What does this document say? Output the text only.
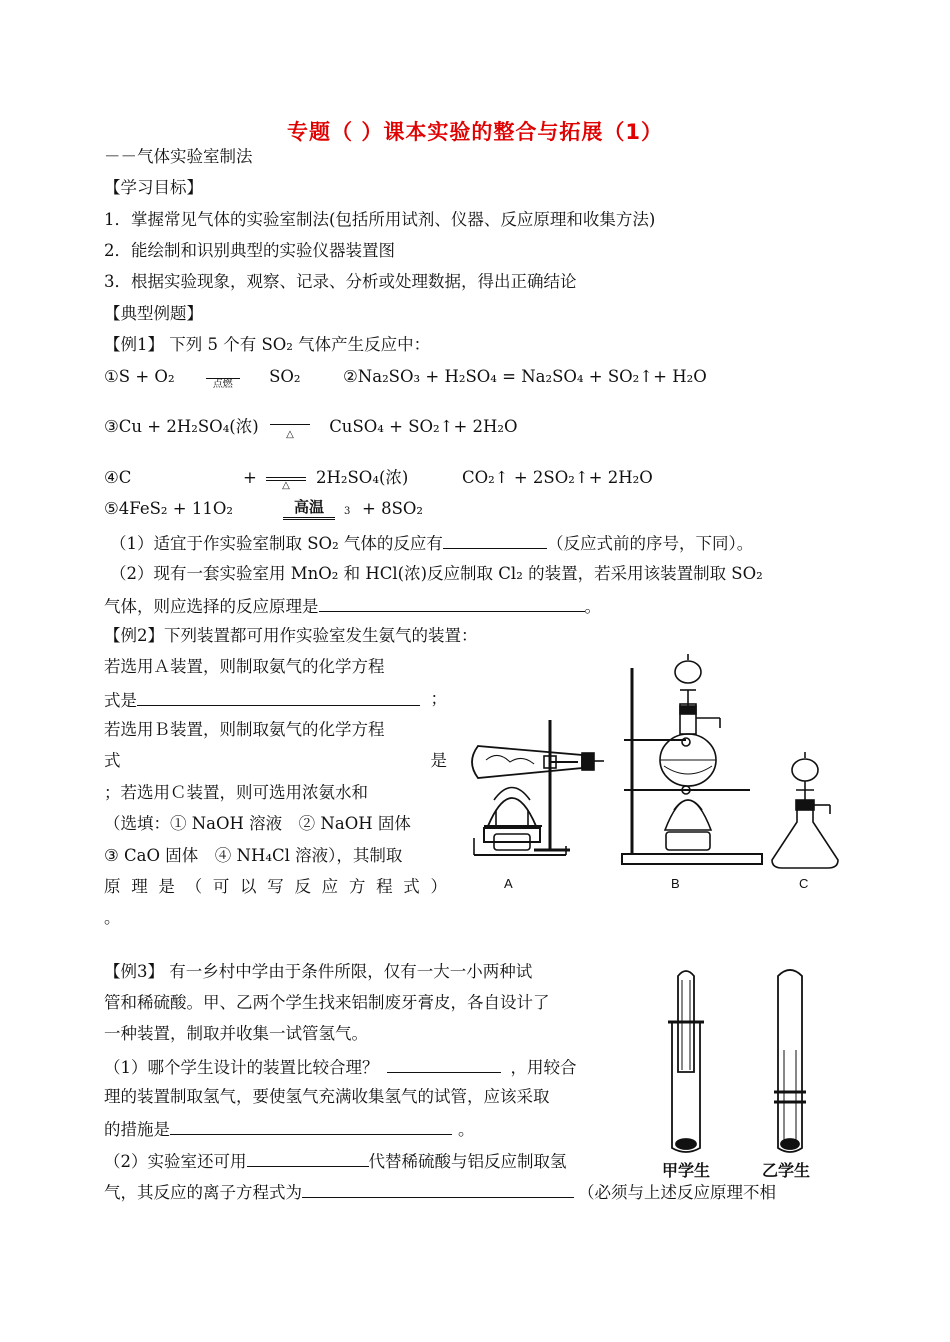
专题（ ）课本实验的整合与拓展（1）
－－气体实验室制法
【学习目标】
1．掌握常见气体的实验室制法(包括所用试剂、仪器、反应原理和收集方法)
2．能绘制和识别典型的实验仪器装置图
3．根据实验现象，观察、记录、分析或处理数据，得出正确结论
【典型例题】
【例1】 下列 5 个有 SO₂ 气体产生反应中：
①S + O₂	点燃	SO₂	②Na₂SO₃ + H₂SO₄ = Na₂SO₄ + SO₂↑+ H₂O
③Cu + 2H₂SO₄(浓)	△	CuSO₄ + SO₂↑+ 2H₂O
④C	+	△	2H₂SO₄(浓)	CO₂↑ + 2SO₂↑+ 2H₂O
⑤4FeS₂ + 11O₂	高温	3 + 8SO₂
（1）适宜于作实验室制取 SO₂ 气体的反应有	（反应式前的序号，下同）。
（2）现有一套实验室用 MnO₂ 和 HCl(浓)反应制取 Cl₂ 的装置，若采用该装置制取 SO₂
气体，则应选择的反应原理是	。
【例2】下列装置都可用作实验室发生氨气的装置：
若选用Ａ装置，则制取氨气的化学方程
式是	；
若选用Ｂ装置，则制取氨气的化学方程
式	是
；若选用Ｃ装置，则可选用浓氨水和
（选填：① NaOH 溶液　② NaOH 固体
③ CaO 固体　④ NH₄Cl 溶液），其制取
原理是（可以写反应方程式）
。
A	B	C
【例3】 有一乡村中学由于条件所限，仅有一大一小两种试
管和稀硫酸。甲、乙两个学生找来铝制废牙膏皮，各自设计了
一种装置，制取并收集一试管氢气。
（1）哪个学生设计的装置比较合理？	，用较合
理的装置制取氢气，要使氢气充满收集氢气的试管，应该采取
的措施是	。
（2）实验室还可用	代替稀硫酸与铝反应制取氢
气，其反应的离子方程式为	（必须与上述反应原理不相
甲学生	乙学生
